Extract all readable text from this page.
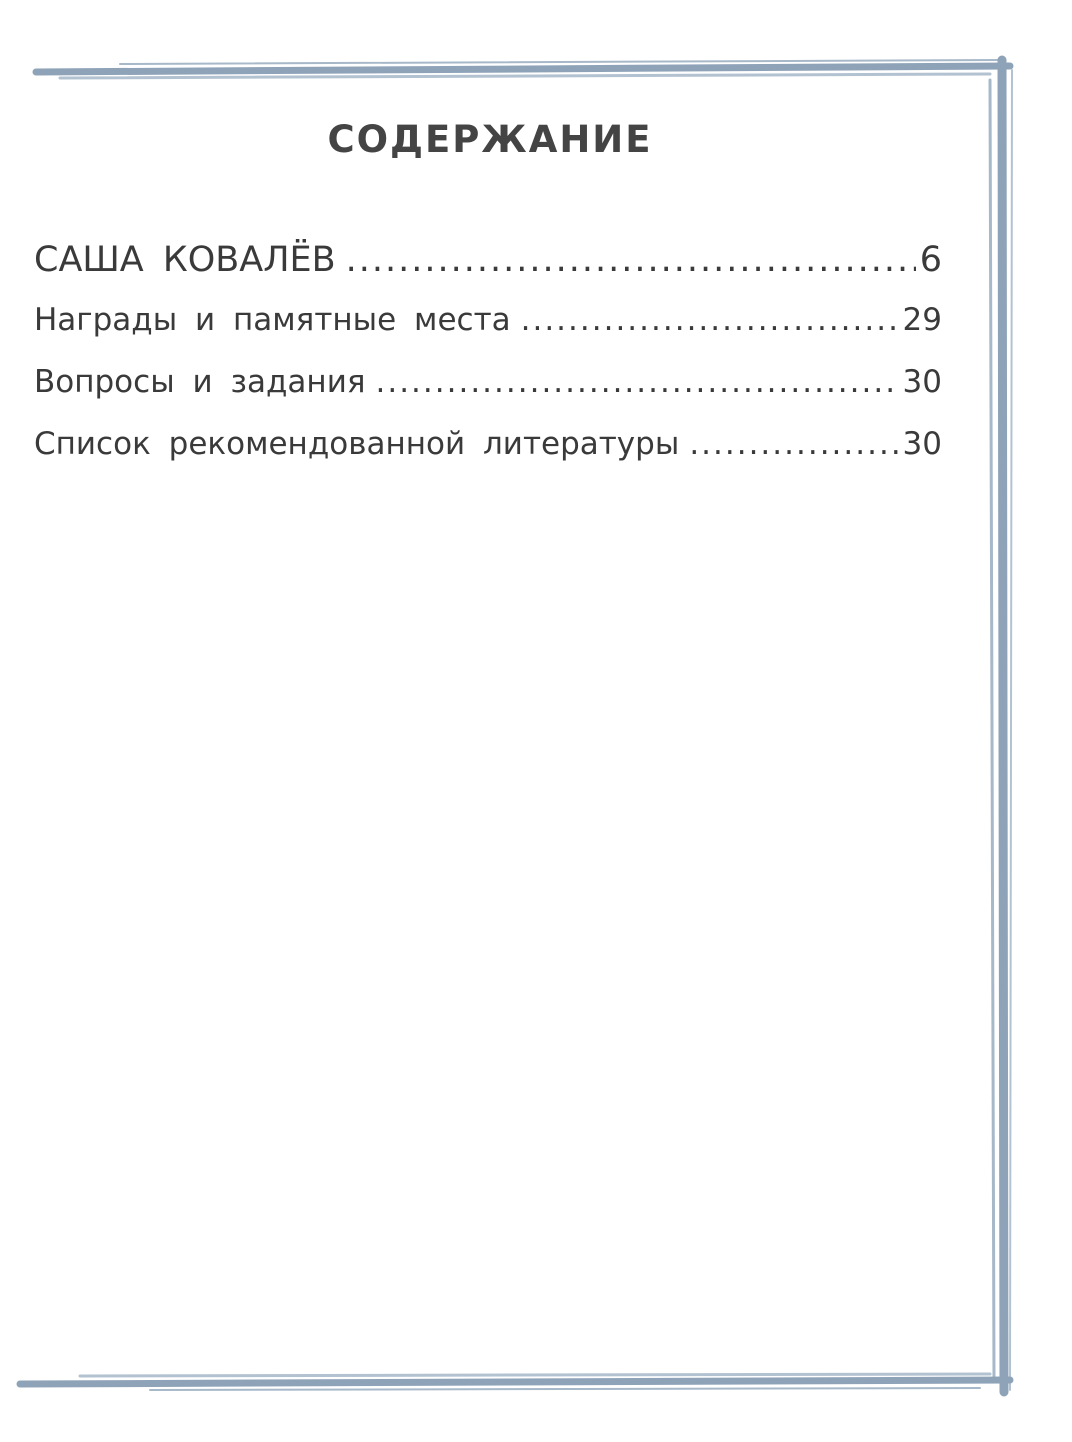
СОДЕРЖАНИЕ
САША КОВАЛЁВ .....	6
Награды и памятные места .....	29
Вопросы и задания .....	30
Список рекомендованной литературы .....	30
